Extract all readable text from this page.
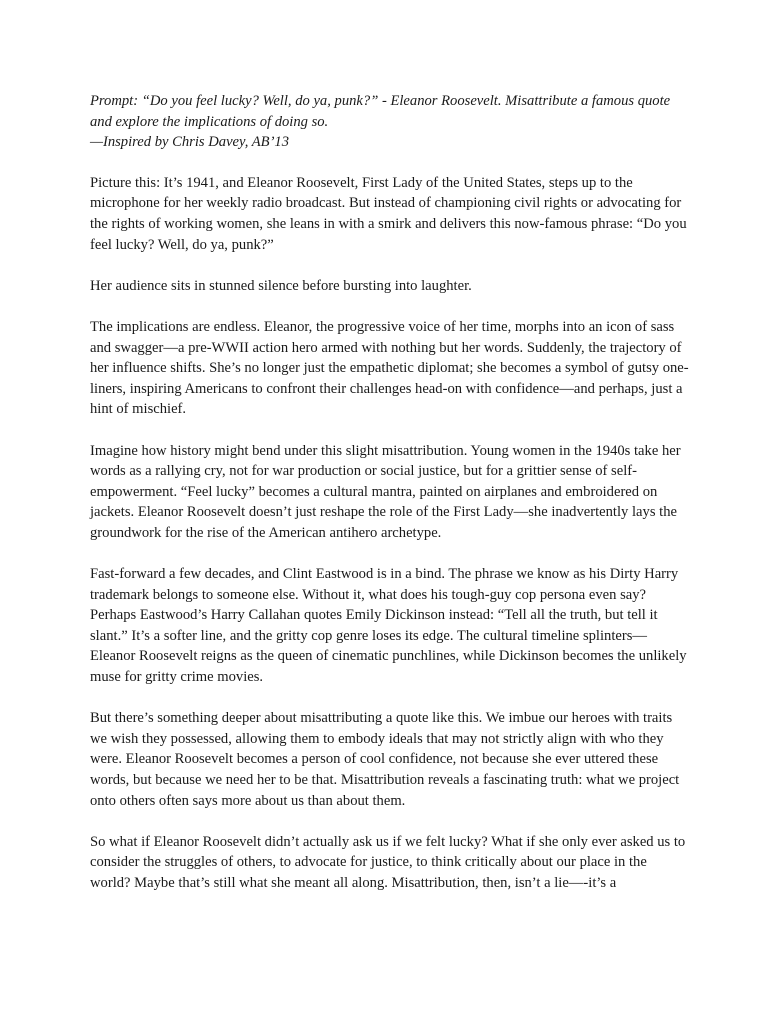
Prompt: “Do you feel lucky? Well, do ya, punk?” - Eleanor Roosevelt. Misattribute a famous quote and explore the implications of doing so.
—Inspired by Chris Davey, AB’13

Picture this: It’s 1941, and Eleanor Roosevelt, First Lady of the United States, steps up to the microphone for her weekly radio broadcast. But instead of championing civil rights or advocating for the rights of working women, she leans in with a smirk and delivers this now-famous phrase: “Do you feel lucky? Well, do ya, punk?”

Her audience sits in stunned silence before bursting into laughter.

The implications are endless. Eleanor, the progressive voice of her time, morphs into an icon of sass and swagger—a pre-WWII action hero armed with nothing but her words. Suddenly, the trajectory of her influence shifts. She’s no longer just the empathetic diplomat; she becomes a symbol of gutsy one-liners, inspiring Americans to confront their challenges head-on with confidence—and perhaps, just a hint of mischief.

Imagine how history might bend under this slight misattribution. Young women in the 1940s take her words as a rallying cry, not for war production or social justice, but for a grittier sense of self-empowerment. “Feel lucky” becomes a cultural mantra, painted on airplanes and embroidered on jackets. Eleanor Roosevelt doesn’t just reshape the role of the First Lady—she inadvertently lays the groundwork for the rise of the American antihero archetype.

Fast-forward a few decades, and Clint Eastwood is in a bind. The phrase we know as his Dirty Harry trademark belongs to someone else. Without it, what does his tough-guy cop persona even say? Perhaps Eastwood’s Harry Callahan quotes Emily Dickinson instead: “Tell all the truth, but tell it slant.” It’s a softer line, and the gritty cop genre loses its edge. The cultural timeline splinters—Eleanor Roosevelt reigns as the queen of cinematic punchlines, while Dickinson becomes the unlikely muse for gritty crime movies.

But there’s something deeper about misattributing a quote like this. We imbue our heroes with traits we wish they possessed, allowing them to embody ideals that may not strictly align with who they were. Eleanor Roosevelt becomes a person of cool confidence, not because she ever uttered these words, but because we need her to be that. Misattribution reveals a fascinating truth: what we project onto others often says more about us than about them.

So what if Eleanor Roosevelt didn’t actually ask us if we felt lucky? What if she only ever asked us to consider the struggles of others, to advocate for justice, to think critically about our place in the world? Maybe that’s still what she meant all along. Misattribution, then, isn’t a lie—-it’s a
